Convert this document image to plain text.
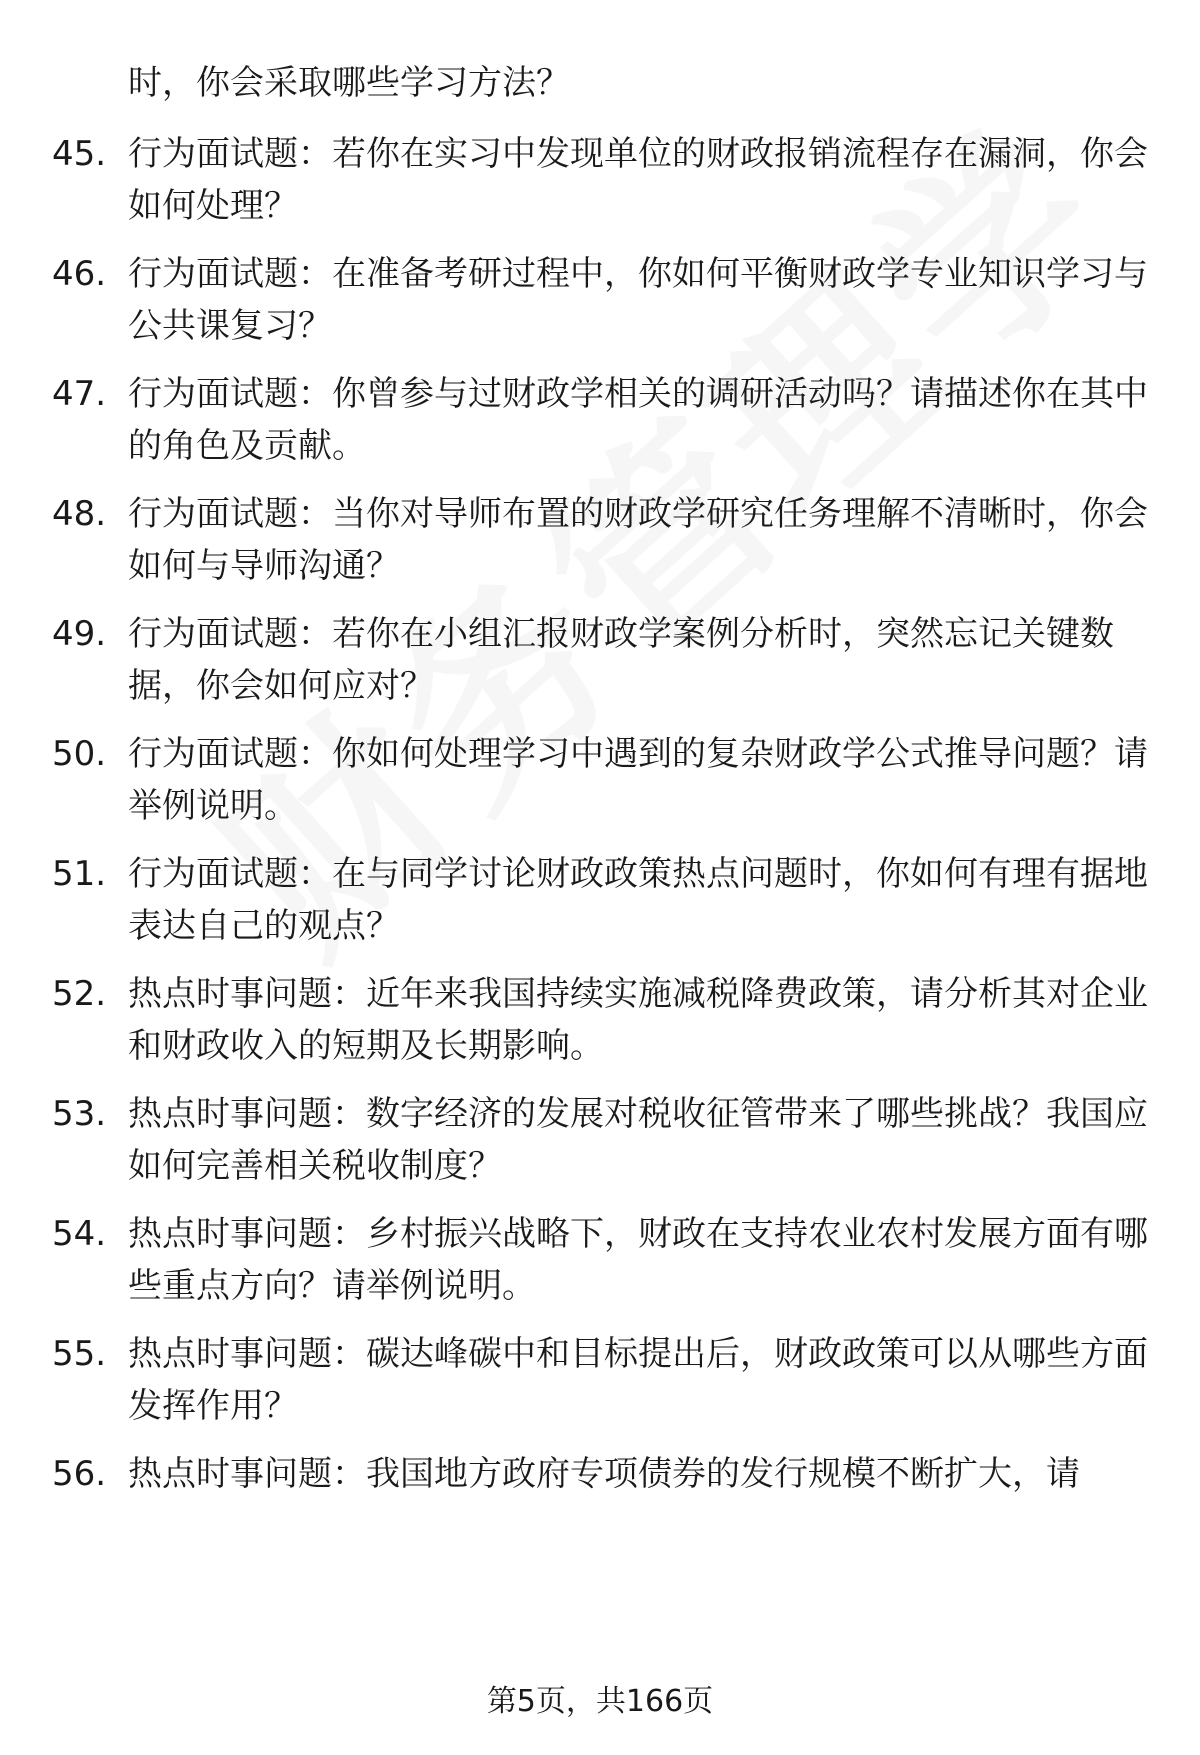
时，你会采取哪些学习方法？
45. 行为面试题：若你在实习中发现单位的财政报销流程存在漏洞，你会如何处理？
46. 行为面试题：在准备考研过程中，你如何平衡财政学专业知识学习与公共课复习？
47. 行为面试题：你曾参与过财政学相关的调研活动吗？请描述你在其中的角色及贡献。
48. 行为面试题：当你对导师布置的财政学研究任务理解不清晰时，你会如何与导师沟通？
49. 行为面试题：若你在小组汇报财政学案例分析时，突然忘记关键数据，你会如何应对？
50. 行为面试题：你如何处理学习中遇到的复杂财政学公式推导问题？请举例说明。
51. 行为面试题：在与同学讨论财政政策热点问题时，你如何有理有据地表达自己的观点？
52. 热点时事问题：近年来我国持续实施减税降费政策，请分析其对企业和财政收入的短期及长期影响。
53. 热点时事问题：数字经济的发展对税收征管带来了哪些挑战？我国应如何完善相关税收制度？
54. 热点时事问题：乡村振兴战略下，财政在支持农业农村发展方面有哪些重点方向？请举例说明。
55. 热点时事问题：碳达峰碳中和目标提出后，财政政策可以从哪些方面发挥作用？
56. 热点时事问题：我国地方政府专项债券的发行规模不断扩大，请
第5页，共166页
